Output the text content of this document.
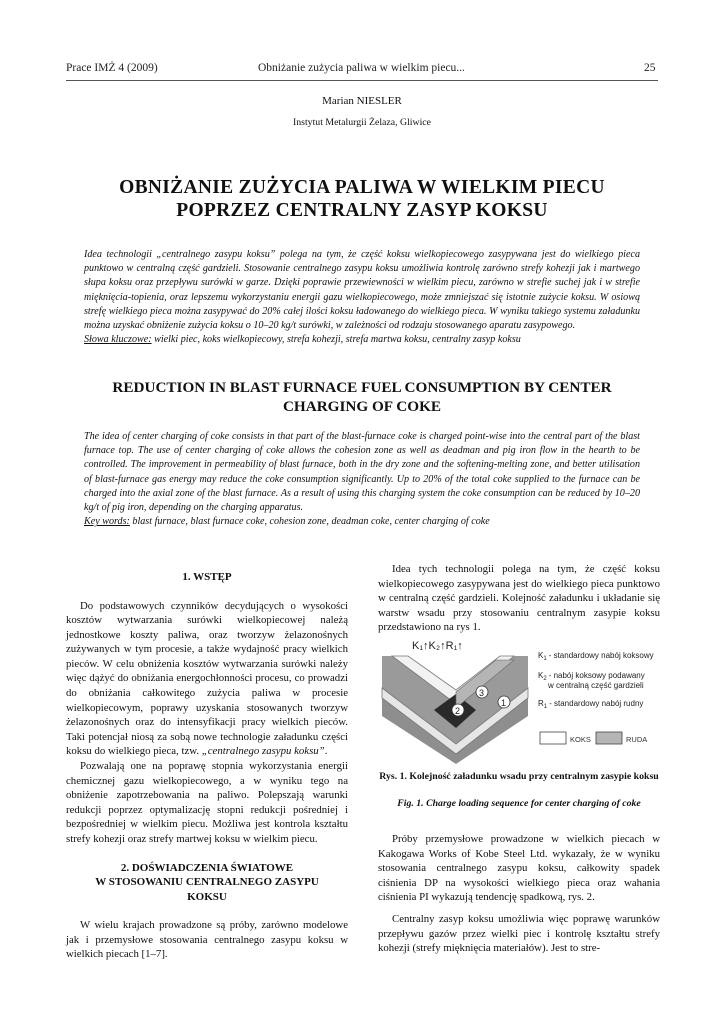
Prace IMŻ 4 (2009)	Obniżanie zużycia paliwa w wielkim piecu...	25
Marian NIESLER
Instytut Metalurgii Żelaza, Gliwice
OBNIŻANIE ZUŻYCIA PALIWA W WIELKIM PIECU
POPRZEZ CENTRALNY ZASYP KOKSU
Idea technologii „centralnego zasypu koksu” polega na tym, że część koksu wielkopiecowego zasypywana jest do wielkiego pieca punktowo w centralną część gardzieli. Stosowanie centralnego zasypu koksu umożliwia kontrolę zarówno strefy kohezji jak i martwego słupa koksu oraz przepływu surówki w garze. Dzięki poprawie przewiewności w wielkim piecu, zarówno w strefie suchej jak i w strefie mięknięcia-topienia, oraz lepszemu wykorzystaniu energii gazu wielkopiecowego, może zmniejszać się istotnie zużycie koksu. W osiową strefę wielkiego pieca można zasypywać do 20% całej ilości koksu ładowanego do wielkiego pieca. W wyniku takiego systemu załadunku można uzyskać obniżenie zużycia koksu o 10–20 kg/t surówki, w zależności od rodzaju stosowanego aparatu zasypowego.
Słowa kluczowe: wielki piec, koks wielkopiecowy, strefa kohezji, strefa martwa koksu, centralny zasyp koksu
REDUCTION IN BLAST FURNACE FUEL CONSUMPTION BY CENTER
CHARGING OF COKE
The idea of center charging of coke consists in that part of the blast-furnace coke is charged point-wise into the central part of the blast furnace top. The use of center charging of coke allows the cohesion zone as well as deadman and pig iron flow in the hearth to be controlled. The improvement in permeability of blast furnace, both in the dry zone and the softening-melting zone, and better utilisation of blast-furnace gas energy may reduce the coke consumption significantly. Up to 20% of the total coke supplied to the furnace can be charged into the axial zone of the blast furnace. As a result of using this charging system the coke consumption can be reduced by 10–20 kg/t of pig iron, depending on the charging apparatus.
Key words: blast furnace, blast furnace coke, cohesion zone, deadman coke, center charging of coke
1. WSTĘP

Do podstawowych czynników decydujących o wysokości kosztów wytwarzania surówki wielkopiecowej należą jednostkowe koszty paliwa, oraz tworzyw żelazonośnych zużywanych w tym procesie, a także wydajność pracy wielkich pieców. W celu obniżenia kosztów wytwarzania surówki należy więc dążyć do obniżania energochłonności procesu, co prowadzi do obniżania całkowitego zużycia paliwa w procesie wielkopiecowym, poprawy uzyskania stosowanych tworzyw żelazonośnych oraz do intensyfikacji pracy wielkich pieców. Taki potencjał niosą za sobą nowe technologie załadunku części koksu do wielkiego pieca, tzw. „centralnego zasypu koksu”.

Pozwalają one na poprawę stopnia wykorzystania energii chemicznej gazu wielkopiecowego, a w wyniku tego na obniżenie zapotrzebowania na paliwo. Polepszają warunki redukcji poprzez optymalizację stopni redukcji pośredniej i bezpośredniej w wielkim piecu. Możliwa jest kontrola kształtu strefy kohezji oraz strefy martwej koksu w wielkim piecu.

2. DOŚWIADCZENIA ŚWIATOWE
W STOSOWANIU CENTRALNEGO ZASYPU
KOKSU

W wielu krajach prowadzone są próby, zarówno modelowe jak i przemysłowe stosowania centralnego zasypu koksu w wielkich piecach [1–7].

Idea tych technologii polega na tym, że część koksu wielkopiecowego zasypywana jest do wielkiego pieca punktowo w centralną część gardzieli. Kolejność załadunku i układanie się warstw wsadu przy stosowaniu centralnym zasypie koksu przedstawiono na rys 1.

K₁↑K₂↑R₁↑
1
2
3
$K_1$ - standardowy nabój koksowy
$K_2$ - nabój koksowy podawany
w centralną część gardzieli
$R_1$ - standardowy nabój rudny
KOKS	RUDA
Rys. 1. Kolejność załadunku wsadu przy centralnym zasypie koksu
Fig. 1. Charge loading sequence for center charging of coke

Próby przemysłowe prowadzone w wielkich piecach w Kakogawa Works of Kobe Steel Ltd. wykazały, że w wyniku stosowania centralnego zasypu koksu, całkowity spadek ciśnienia DP na wysokości wielkiego pieca oraz wahania ciśnienia PI wykazują tendencję spadkową, rys. 2.

Centralny zasyp koksu umożliwia więc poprawę warunków przepływu gazów przez wielki piec i kontrolę kształtu strefy kohezji (strefy mięknięcia materiałów). Jest to stre-
